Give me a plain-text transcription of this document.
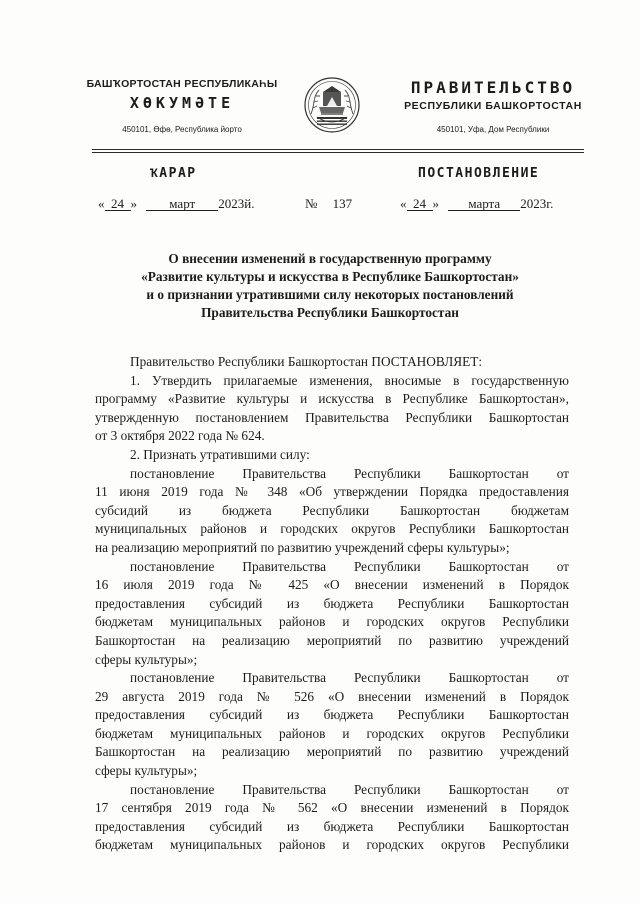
БАШҠОРТОСТАН РЕСПУБЛИКАҺЫ
ХӨКУМӘТЕ
450101, Өфө, Республика йорто
ПРАВИТЕЛЬСТВО
РЕСПУБЛИКИ БАШКОРТОСТАН
450101, Уфа, Дом Республики
ҠАРАР	ПОСТАНОВЛЕНИЕ
« 24 » март 2023й.	№ 137	« 24 » марта 2023г.
О внесении изменений в государственную программу
«Развитие культуры и искусства в Республике Башкортостан»
и о признании утратившими силу некоторых постановлений
Правительства Республики Башкортостан
Правительство Республики Башкортостан ПОСТАНОВЛЯЕТ:
1. Утвердить прилагаемые изменения, вносимые в государственную
программу «Развитие культуры и искусства в Республике Башкортостан»,
утвержденную постановлением Правительства Республики Башкортостан
от 3 октября 2022 года № 624.
2. Признать утратившими силу:
постановление Правительства Республики Башкортостан от
11 июня 2019 года № 348 «Об утверждении Порядка предоставления
субсидий из бюджета Республики Башкортостан бюджетам
муниципальных районов и городских округов Республики Башкортостан
на реализацию мероприятий по развитию учреждений сферы культуры»;
постановление Правительства Республики Башкортостан от
16 июля 2019 года № 425 «О внесении изменений в Порядок
предоставления субсидий из бюджета Республики Башкортостан
бюджетам муниципальных районов и городских округов Республики
Башкортостан на реализацию мероприятий по развитию учреждений
сферы культуры»;
постановление Правительства Республики Башкортостан от
29 августа 2019 года № 526 «О внесении изменений в Порядок
предоставления субсидий из бюджета Республики Башкортостан
бюджетам муниципальных районов и городских округов Республики
Башкортостан на реализацию мероприятий по развитию учреждений
сферы культуры»;
постановление Правительства Республики Башкортостан от
17 сентября 2019 года № 562 «О внесении изменений в Порядок
предоставления субсидий из бюджета Республики Башкортостан
бюджетам муниципальных районов и городских округов Республики
